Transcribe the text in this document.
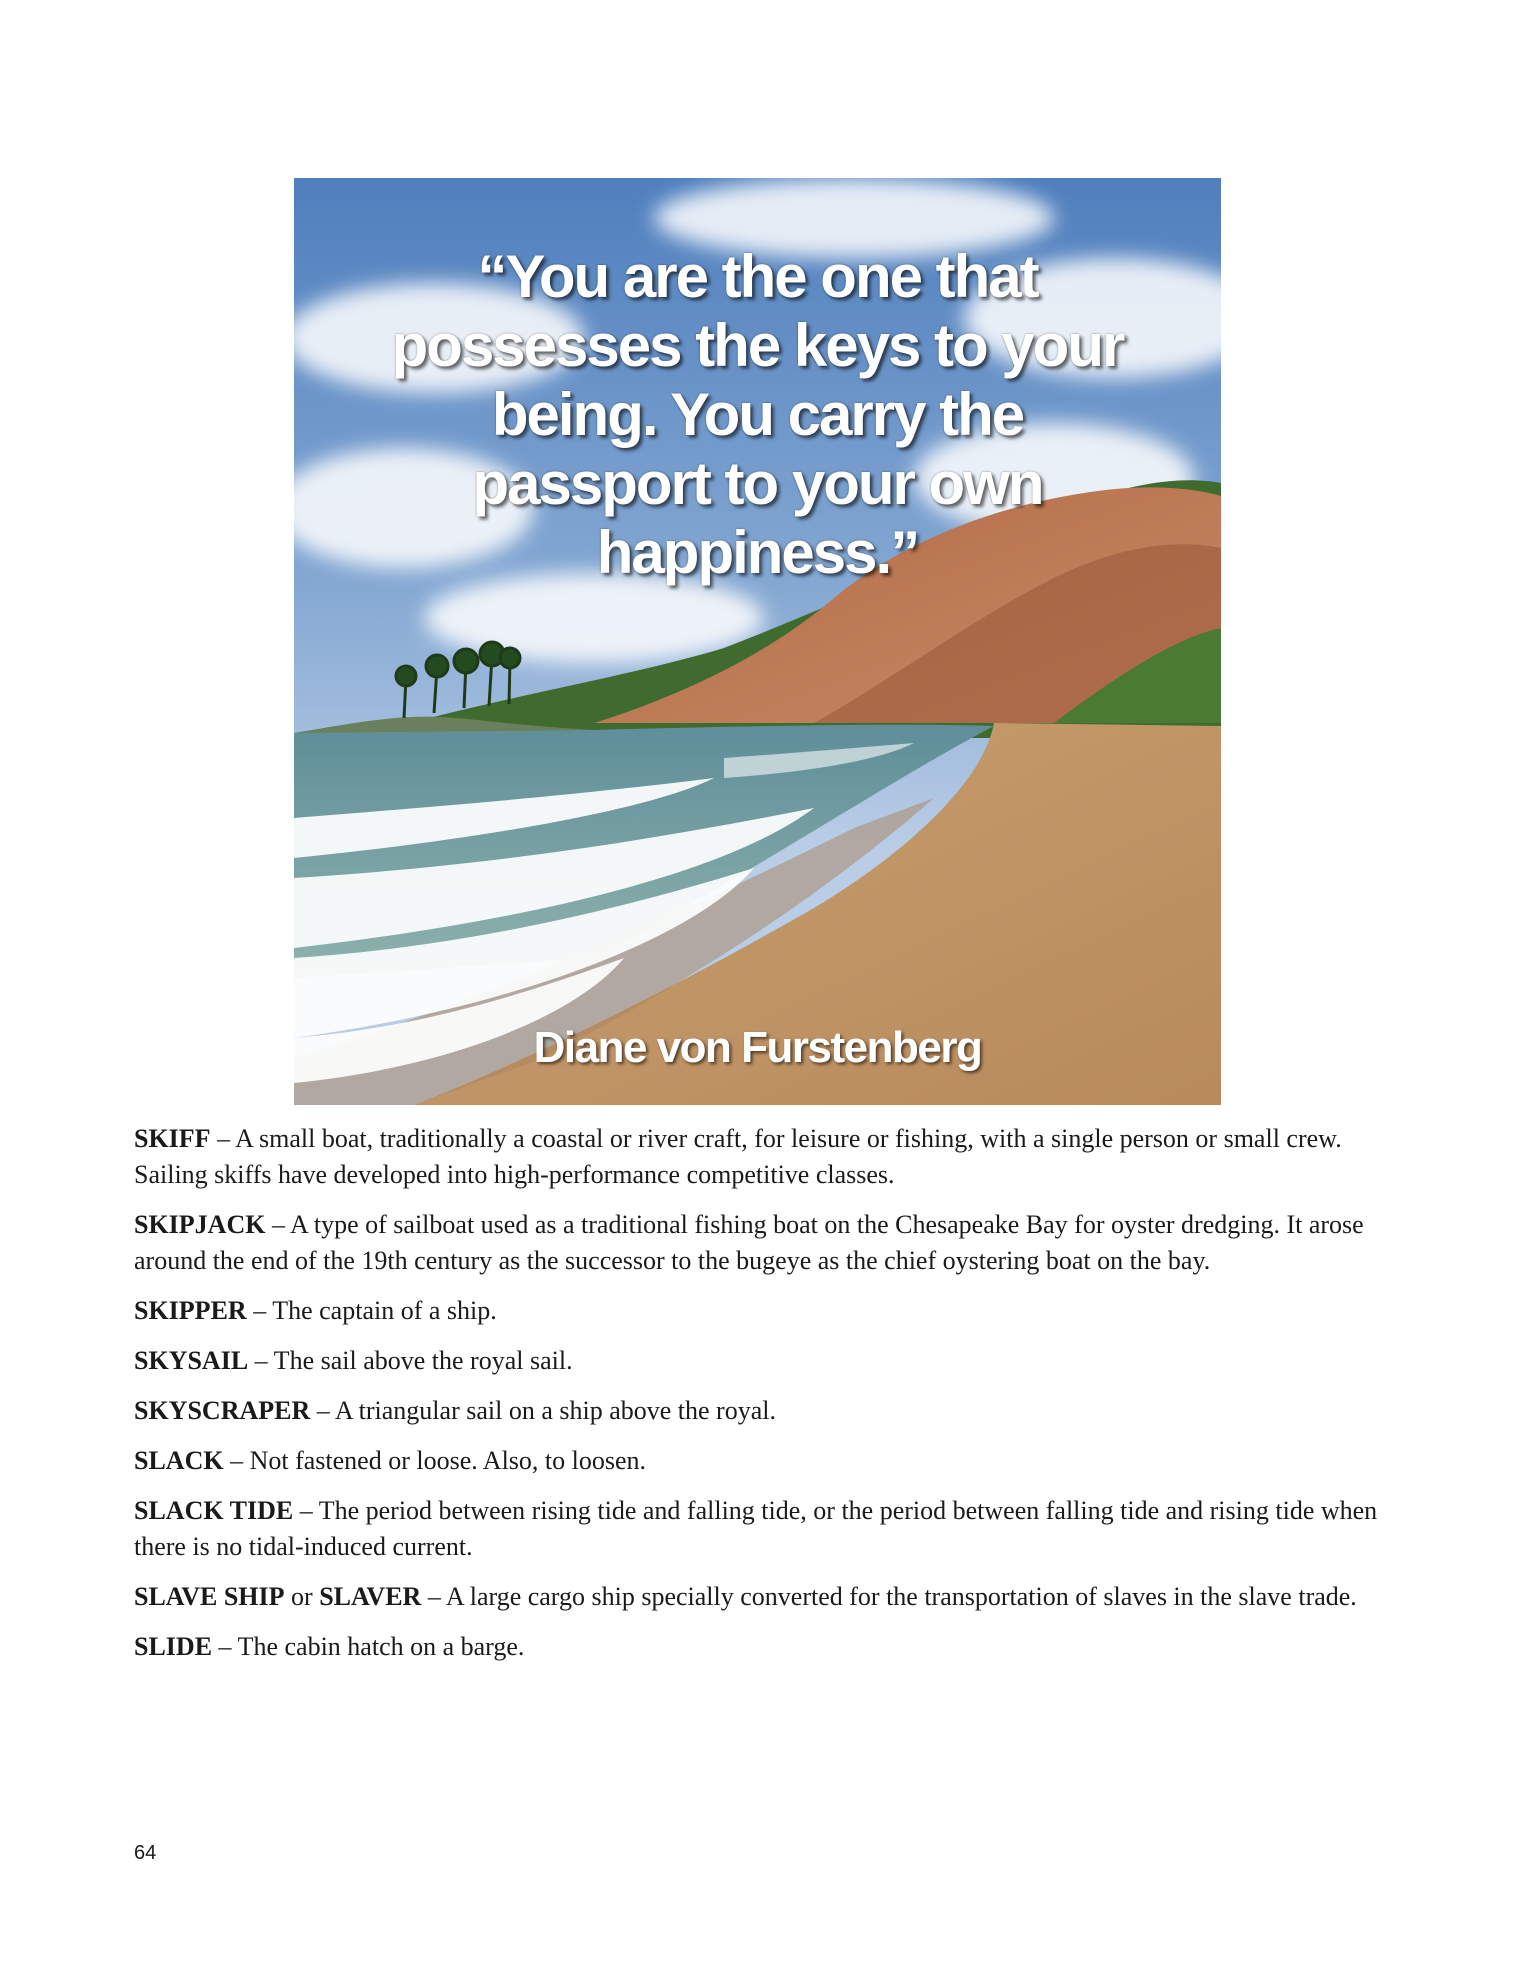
“You are the one that possesses the keys to your being. You carry the passport to your own happiness.”
Diane von Furstenberg

SKIFF – A small boat, traditionally a coastal or river craft, for leisure or fishing, with a single person or small crew. Sailing skiffs have developed into high-performance competitive classes.

SKIPJACK – A type of sailboat used as a traditional fishing boat on the Chesapeake Bay for oyster dredging. It arose around the end of the 19th century as the successor to the bugeye as the chief oystering boat on the bay.

SKIPPER – The captain of a ship.

SKYSAIL – The sail above the royal sail.

SKYSCRAPER – A triangular sail on a ship above the royal.

SLACK – Not fastened or loose. Also, to loosen.

SLACK TIDE – The period between rising tide and falling tide, or the period between falling tide and rising tide when there is no tidal-induced current.

SLAVE SHIP or SLAVER – A large cargo ship specially converted for the transportation of slaves in the slave trade.

SLIDE – The cabin hatch on a barge.

64
